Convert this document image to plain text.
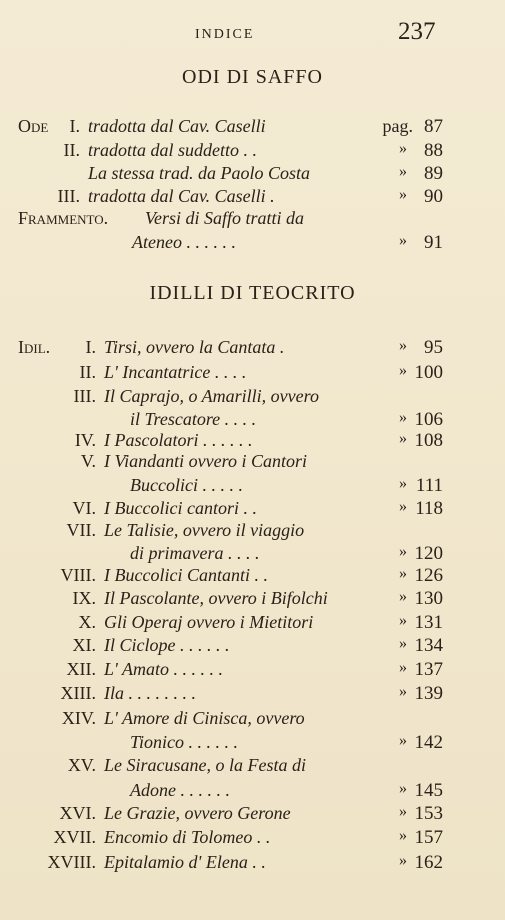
INDICE	237
ODI DI SAFFO
IDILLI DI TEOCRITO
Ode I. tradotta dal Cav. Caselli	pag. 87
II. tradotta dal suddetto . .	» 88
La stessa trad. da Paolo Costa	» 89
III. tradotta dal Cav. Caselli .	» 90
Frammento. Versi di Saffo tratti da
Ateneo . . . . . .	» 91
Idil. I. Tirsi, ovvero la Cantata .	» 95
II. L' Incantatrice . . . .	» 100
III. Il Caprajo, o Amarilli, ovvero
il Trescatore . . . .	» 106
IV. I Pascolatori . . . . . .	» 108
V. I Viandanti ovvero i Cantori
Buccolici . . . . .	» 111
VI. I Buccolici cantori . .	» 118
VII. Le Talisie, ovvero il viaggio
di primavera . . . .	» 120
VIII. I Buccolici Cantanti . .	» 126
IX. Il Pascolante, ovvero i Bifolchi	» 130
X. Gli Operaj ovvero i Mietitori	» 131
XI. Il Ciclope . . . . . .	» 134
XII. L' Amato . . . . . .	» 137
XIII. Ila . . . . . . . .	» 139
XIV. L' Amore di Cinisca, ovvero
Tionico . . . . . .	» 142
XV. Le Siracusane, o la Festa di
Adone . . . . . .	» 145
XVI. Le Grazie, ovvero Gerone	» 153
XVII. Encomio di Tolomeo . .	» 157
XVIII. Epitalamio d' Elena . .	» 162
